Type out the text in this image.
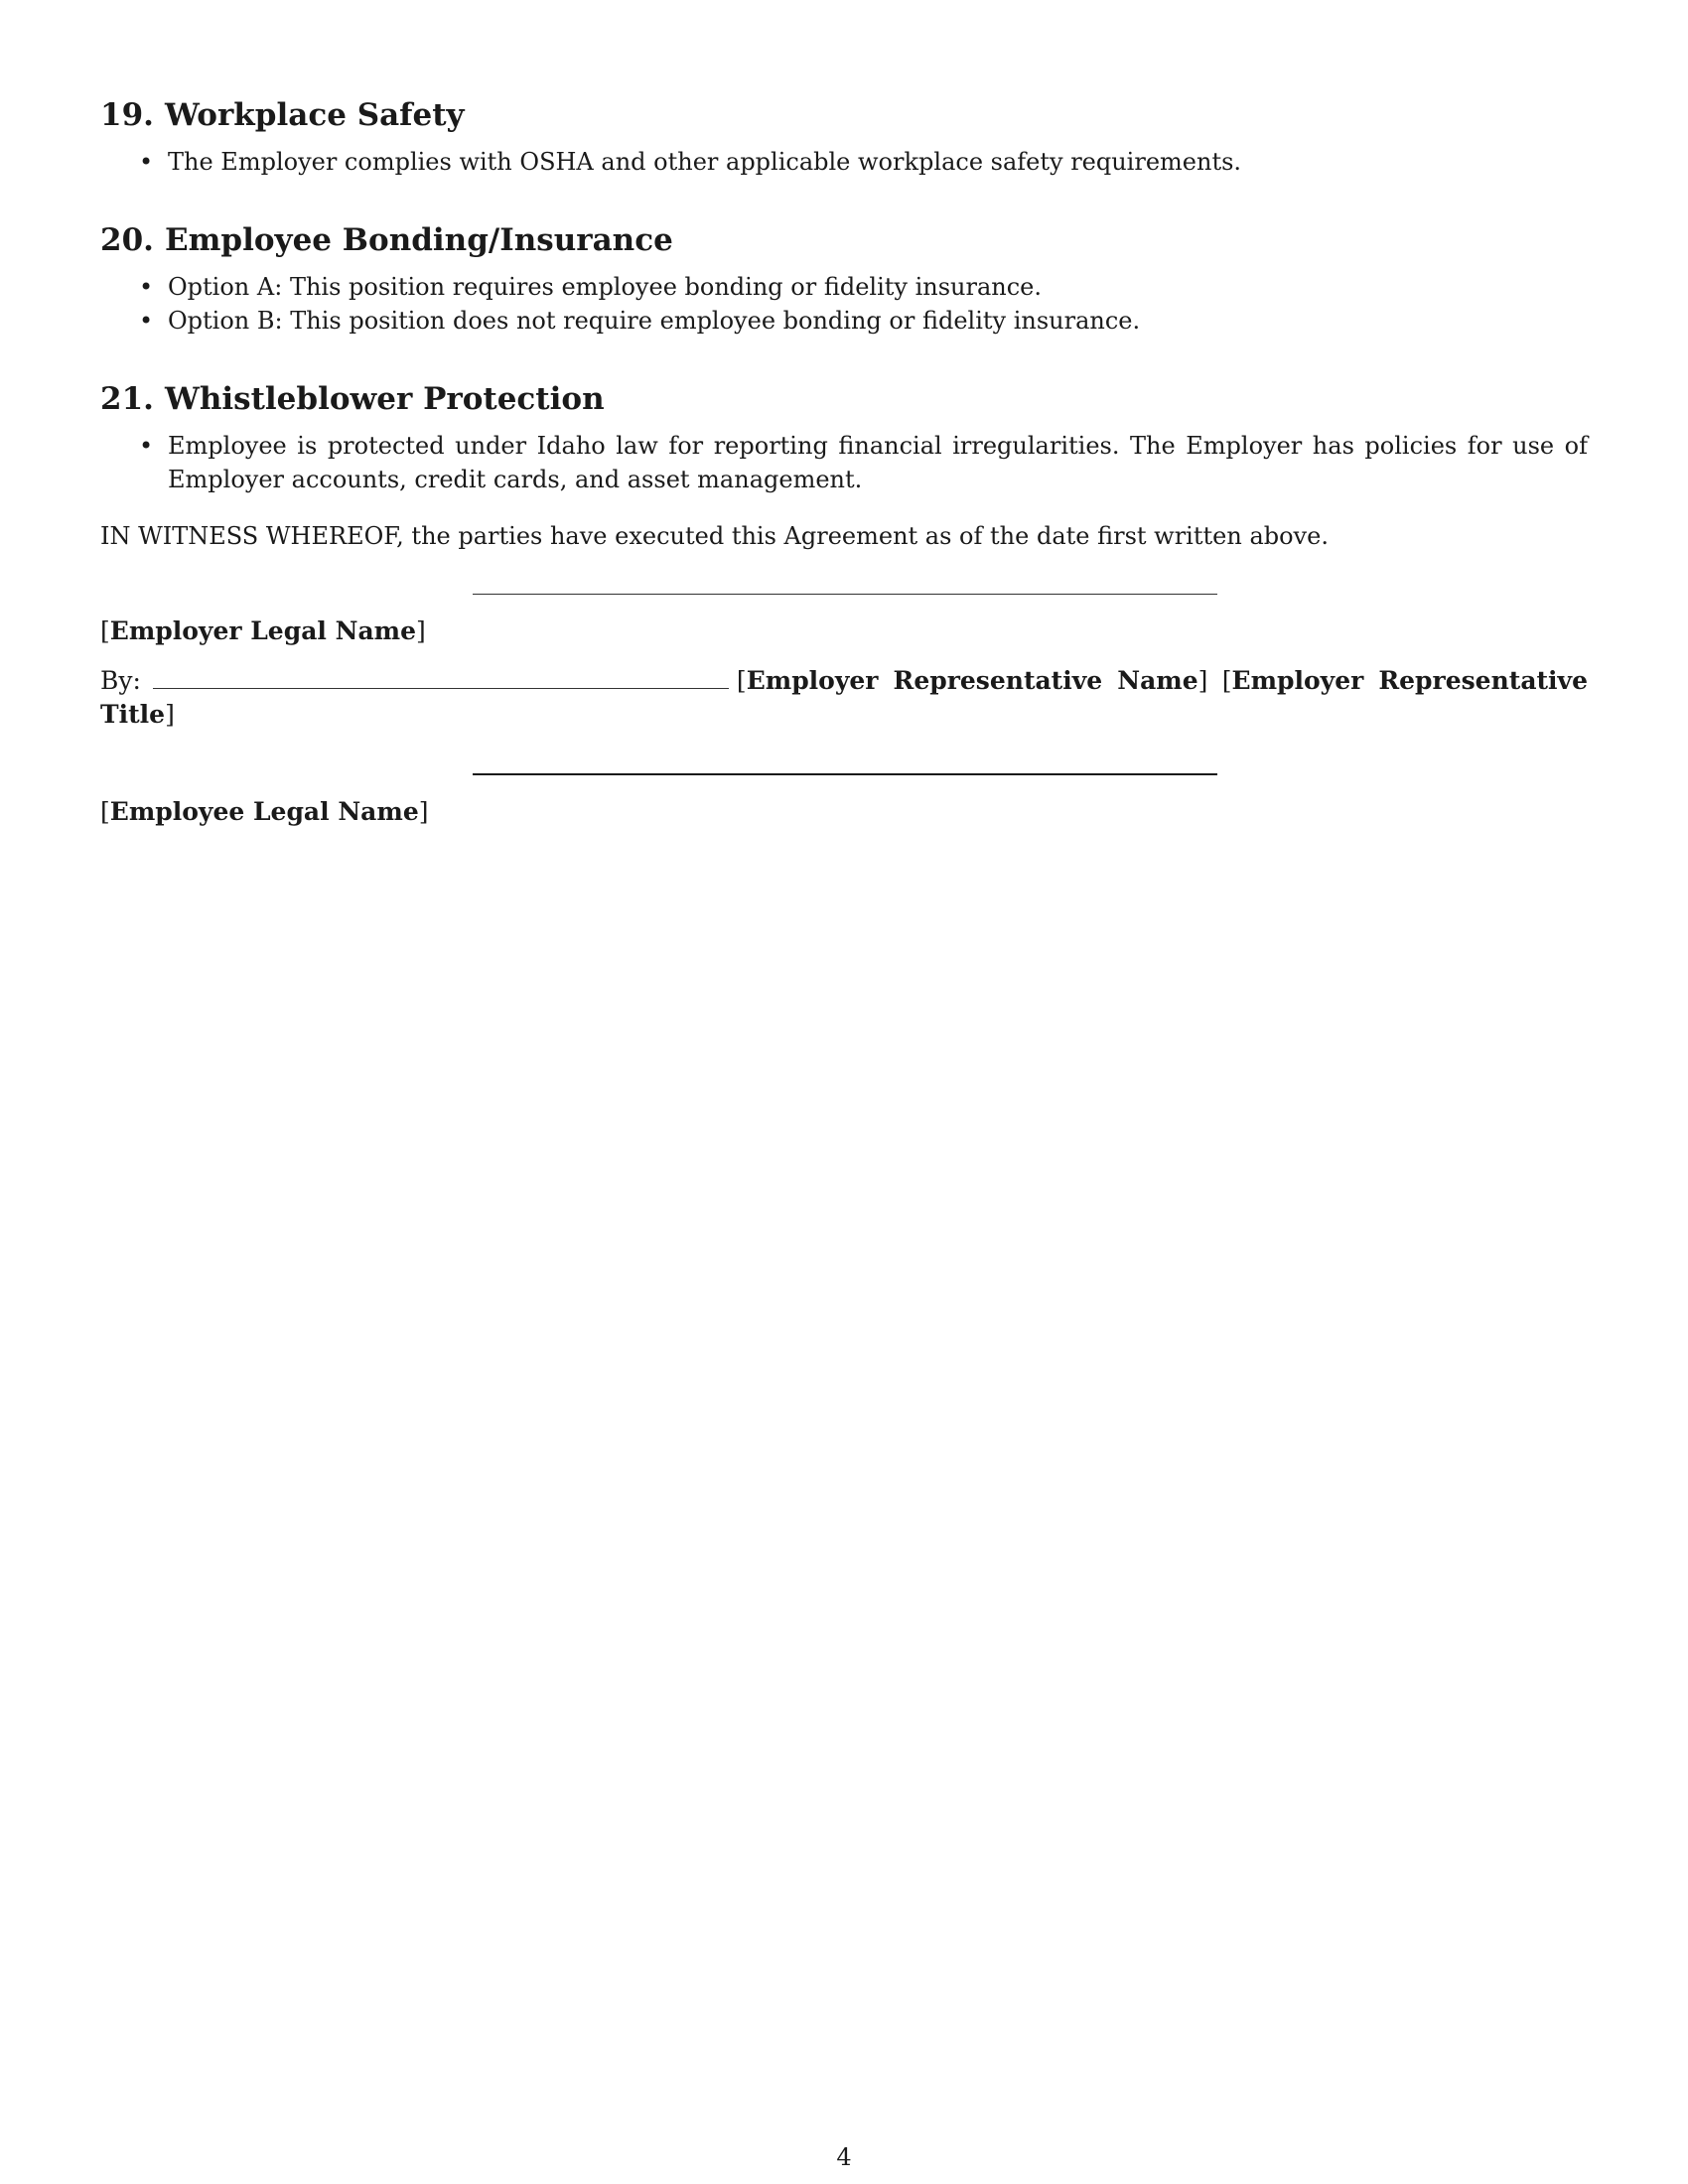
19. Workplace Safety
• The Employer complies with OSHA and other applicable workplace safety requirements.
20. Employee Bonding/Insurance
• Option A: This position requires employee bonding or fidelity insurance.
• Option B: This position does not require employee bonding or fidelity insurance.
21. Whistleblower Protection
• Employee is protected under Idaho law for reporting financial irregularities. The Employer has policies for use of Employer accounts, credit cards, and asset management.

IN WITNESS WHEREOF, the parties have executed this Agreement as of the date first written above.

[Employer Legal Name]
By:	[Employer Representative Name] [Employer Representative Title]
[Employee Legal Name]
4
